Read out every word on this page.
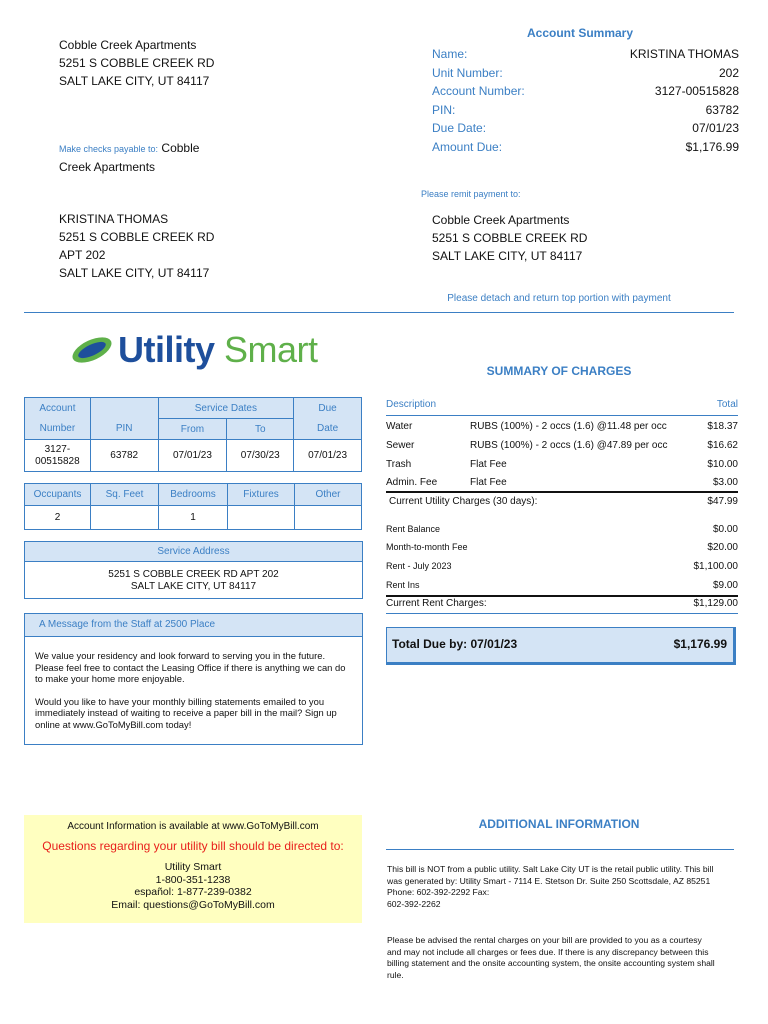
Cobble Creek Apartments
5251 S COBBLE CREEK RD
SALT LAKE CITY, UT 84117
Make checks payable to: Cobble
Creek Apartments
KRISTINA THOMAS
5251 S COBBLE CREEK RD
APT 202
SALT LAKE CITY, UT 84117
Account Summary
Name:	KRISTINA THOMAS
Unit Number:	202
Account Number:	3127-00515828
PIN:	63782
Due Date:	07/01/23
Amount Due:	$1,176.99
Please remit payment to:
Cobble Creek Apartments
5251 S COBBLE CREEK RD
SALT LAKE CITY, UT 84117
Please detach and return top portion with payment
Utility Smart
Account		Service Dates		Due
Number	PIN	From	To	Date
3127-
00515828	63782	07/01/23	07/30/23	07/01/23
Occupants	Sq. Feet	Bedrooms	Fixtures	Other
2		1		
Service Address
5251 S COBBLE CREEK RD APT 202
SALT LAKE CITY, UT 84117
A Message from the Staff at 2500 Place
We value your residency and look forward to serving you in the future. Please feel free to contact the Leasing Office if there is anything we can do to make your home more enjoyable.
Would you like to have your monthly billing statements emailed to you immediately instead of waiting to receive a paper bill in the mail? Sign up online at www.GoToMyBill.com today!
SUMMARY OF CHARGES
Description	Total
Water	RUBS (100%) - 2 occs (1.6) @11.48 per occ	$18.37
Sewer	RUBS (100%) - 2 occs (1.6) @47.89 per occ	$16.62
Trash	Flat Fee	$10.00
Admin. Fee	Flat Fee	$3.00
Current Utility Charges (30 days):	$47.99
Rent Balance	$0.00
Month-to-month Fee	$20.00
Rent - July 2023	$1,100.00
Rent Ins	$9.00
Current Rent Charges:	$1,129.00
Total Due by: 07/01/23	$1,176.99
Account Information is available at www.GoToMyBill.com
Questions regarding your utility bill should be directed to:
Utility Smart
1-800-351-1238
español: 1-877-239-0382
Email: questions@GoToMyBill.com
ADDITIONAL INFORMATION
This bill is NOT from a public utility. Salt Lake City UT is the retail public utility. This bill was generated by: Utility Smart - 7114 E. Stetson Dr. Suite 250 Scottsdale, AZ 85251 Phone: 602-392-2292 Fax:
602-392-2262
Please be advised the rental charges on your bill are provided to you as a courtesy and may not include all charges or fees due. If there is any discrepancy between this billing statement and the onsite accounting system, the onsite accounting system shall rule.
